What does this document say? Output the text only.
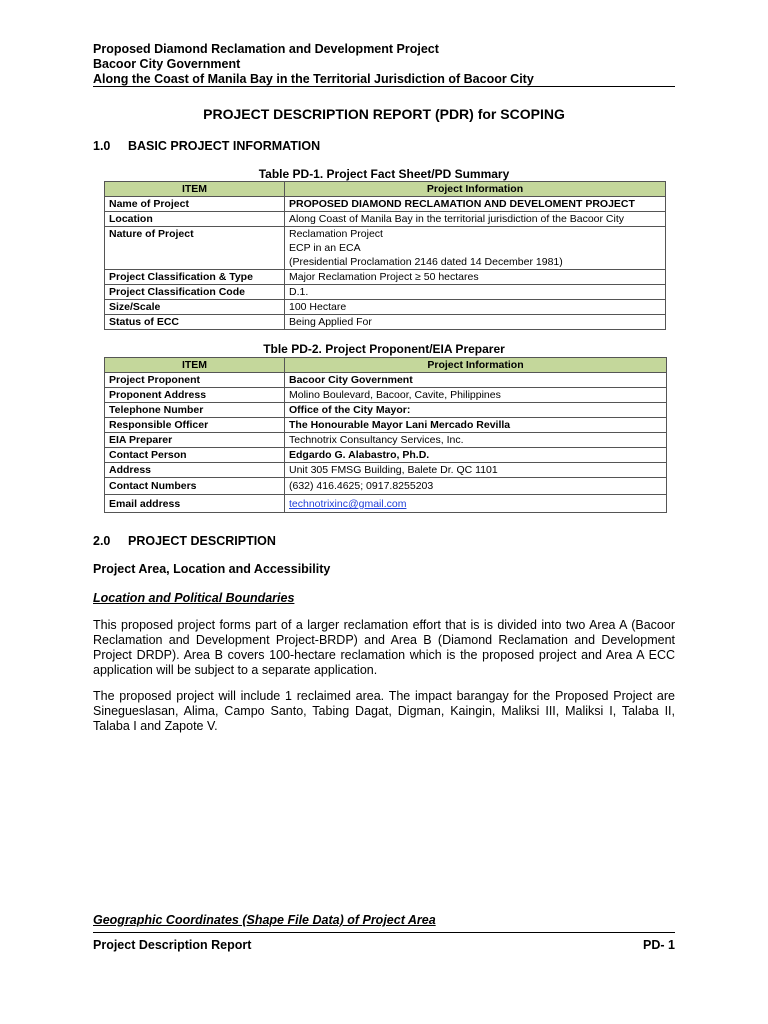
Proposed Diamond Reclamation and Development Project
Bacoor City Government
Along the Coast of Manila Bay in the Territorial Jurisdiction of Bacoor City
PROJECT DESCRIPTION REPORT (PDR) for SCOPING
1.0 BASIC PROJECT INFORMATION
Table PD-1. Project Fact Sheet/PD Summary
ITEM	Project Information
Name of Project	PROPOSED DIAMOND RECLAMATION AND DEVELOMENT PROJECT
Location	Along Coast of Manila Bay in the territorial jurisdiction of the Bacoor City
Nature of Project	Reclamation Project
ECP in an ECA
(Presidential Proclamation 2146 dated 14 December 1981)

Project Classification & Type	Major Reclamation Project ≥ 50 hectares
Project Classification Code	D.1.
Size/Scale	100 Hectare
Status of ECC	Being Applied For
Tble PD-2. Project Proponent/EIA Preparer
ITEM	Project Information
Project Proponent	Bacoor City Government
Proponent Address	Molino Boulevard, Bacoor, Cavite, Philippines
Telephone Number	Office of the City Mayor:
Responsible Officer	The Honourable Mayor Lani Mercado Revilla
EIA Preparer	Technotrix Consultancy Services, Inc.
Contact Person	Edgardo G. Alabastro, Ph.D.
Address	Unit 305 FMSG Building, Balete Dr. QC 1101
Contact Numbers	(632) 416.4625; 0917.8255203
Email address	technotrixinc@gmail.com
2.0 PROJECT DESCRIPTION
Project Area, Location and Accessibility
Location and Political Boundaries
This proposed project forms part of a larger reclamation effort that is is divided into two Area A (Bacoor Reclamation and Development Project-BRDP) and Area B (Diamond Reclamation and Development Project DRDP). Area B covers 100-hectare reclamation which is the proposed project and Area A ECC application will be subject to a separate application.
The proposed project will include 1 reclaimed area. The impact barangay for the Proposed Project are Sinegueslasan, Alima, Campo Santo, Tabing Dagat, Digman, Kaingin, Maliksi III, Maliksi I, Talaba II, Talaba I and Zapote V.
Geographic Coordinates (Shape File Data) of Project Area
Project Description Report	PD- 1
